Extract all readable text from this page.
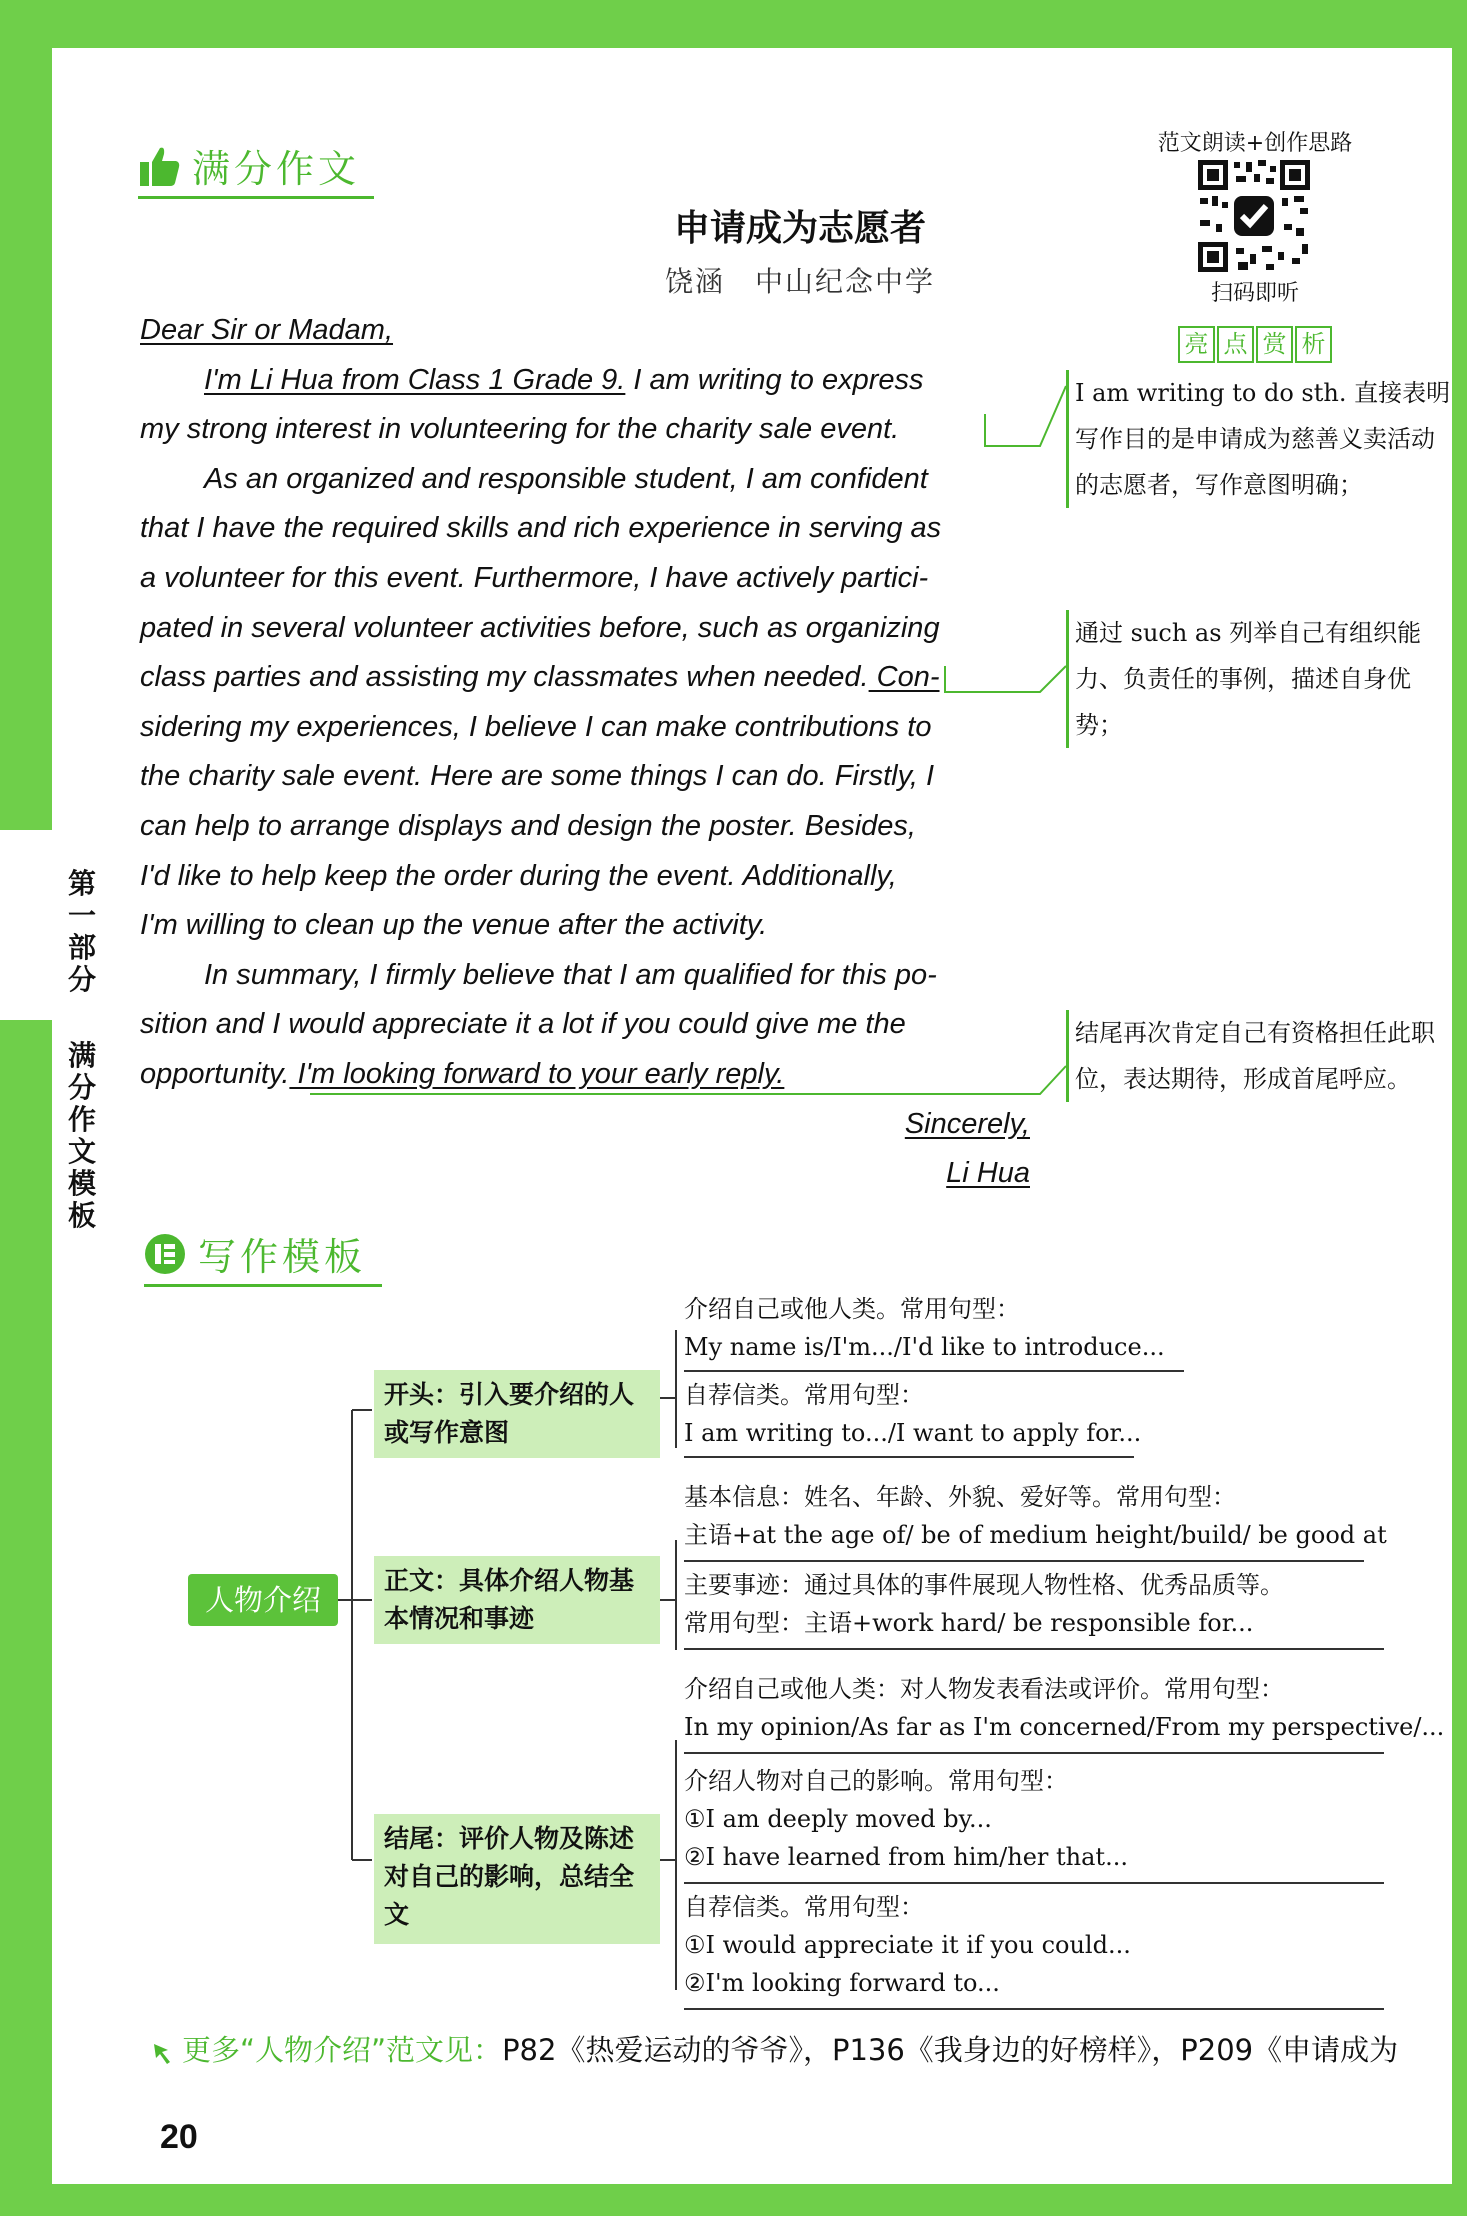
第
一
部
分
满
分
作
文
模
板
满分作文
申请成为志愿者
饶涵　中山纪念中学
范文朗读+创作思路
扫码即听
亮 点 赏 析

Dear Sir or Madam,

I'm Li Hua from Class 1 Grade 9. I am writing to express

my strong interest in volunteering for the charity sale event.

As an organized and responsible student, I am confident

that I have the required skills and rich experience in serving as

a volunteer for this event. Furthermore, I have actively partici-

pated in several volunteer activities before, such as organizing

class parties and assisting my classmates when needed. Con-

sidering my experiences, I believe I can make contributions to

the charity sale event. Here are some things I can do. Firstly, I

can help to arrange displays and design the poster. Besides,

I'd like to help keep the order during the event. Additionally,

I'm willing to clean up the venue after the activity.

In summary, I firmly believe that I am qualified for this po-

sition and I would appreciate it a lot if you could give me the

opportunity. I'm looking forward to your early reply.

Sincerely,

Li Hua

I am writing to do sth. 直接表明写作目的是申请成为慈善义卖活动的志愿者，写作意图明确；
通过 such as 列举自己有组织能力、负责任的事例，描述自身优势；
结尾再次肯定自己有资格担任此职位，表达期待，形成首尾呼应。
写作模板
人物介绍
开头：引入要介绍的人或写作意图
正文：具体介绍人物基本情况和事迹
结尾：评价人物及陈述对自己的影响，总结全文
介绍自己或他人类。常用句型：
My name is/I'm.../I'd like to introduce...
自荐信类。常用句型：
I am writing to.../I want to apply for...
基本信息：姓名、年龄、外貌、爱好等。常用句型：
主语+at the age of/ be of medium height/build/ be good at
主要事迹：通过具体的事件展现人物性格、优秀品质等。
常用句型：主语+work hard/ be responsible for...
介绍自己或他人类：对人物发表看法或评价。常用句型：
In my opinion/As far as I'm concerned/From my perspective/...
介绍人物对自己的影响。常用句型：
①I am deeply moved by...
②I have learned from him/her that...
自荐信类。常用句型：
①I would appreciate it if you could...
②I'm looking forward to...
更多“人物介绍”范文见：P82《热爱运动的爷爷》，P136《我身边的好榜样》，P209《申请成为
20
